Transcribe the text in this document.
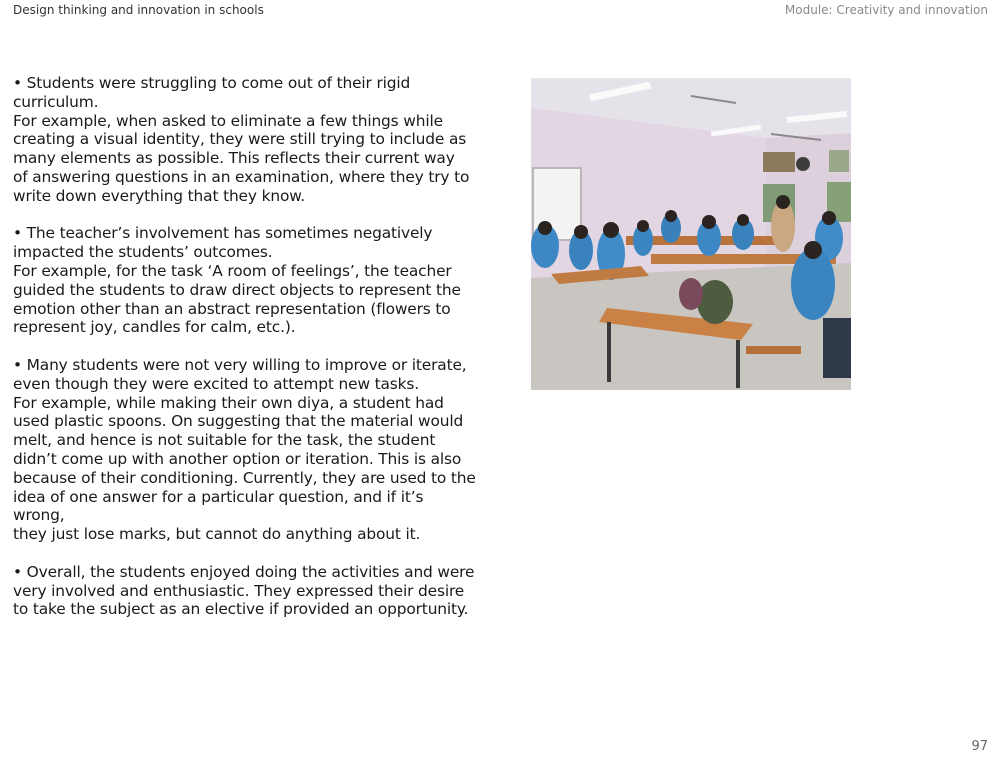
Design thinking and innovation in schools	Module: Creativity and innovation
• Students were struggling to come out of their rigid
curriculum.
For example, when asked to eliminate a few things while
creating a visual identity, they were still trying to include as
many elements as possible. This reflects their current way
of answering questions in an examination, where they try to
write down everything that they know.
• The teacher’s involvement has sometimes negatively
impacted the students’ outcomes.
For example, for the task ‘A room of feelings’, the teacher
guided the students to draw direct objects to represent the
emotion other than an abstract representation (flowers to
represent joy, candles for calm, etc.).
• Many students were not very willing to improve or iterate,
even though they were excited to attempt new tasks.
For example, while making their own diya, a student had
used plastic spoons. On suggesting that the material would
melt, and hence is not suitable for the task, the student
didn’t come up with another option or iteration. This is also
because of their conditioning. Currently, they are used to the
idea of one answer for a particular question, and if it’s wrong,
they just lose marks, but cannot do anything about it.
• Overall, the students enjoyed doing the activities and were
very involved and enthusiastic. They expressed their desire
to take the subject as an elective if provided an opportunity.
97
